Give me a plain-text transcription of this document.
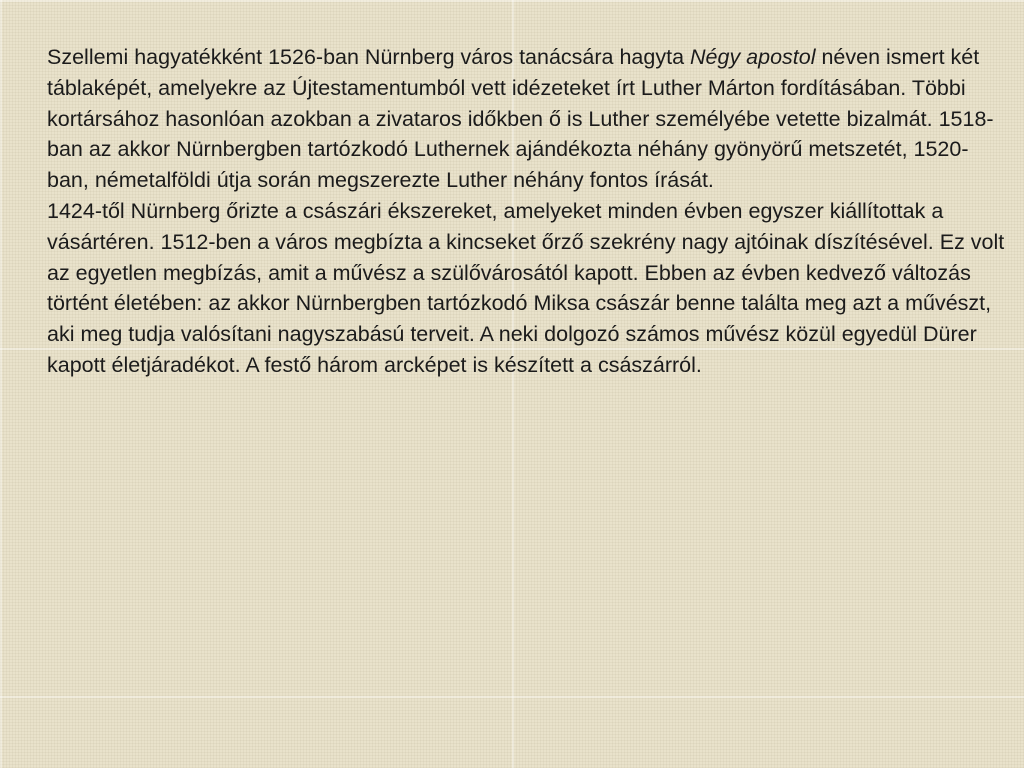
Szellemi hagyatékként 1526-ban Nürnberg város tanácsára hagyta Négy apostol néven ismert két táblaképét, amelyekre az Újtestamentumból vett idézeteket írt Luther Márton fordításában. Többi kortársához hasonlóan azokban a zivataros időkben ő is Luther személyébe vetette bizalmát. 1518-ban az akkor Nürnbergben tartózkodó Luthernek ajándékozta néhány gyönyörű metszetét, 1520-ban, németalföldi útja során megszerezte Luther néhány fontos írását.

1424-től Nürnberg őrizte a császári ékszereket, amelyeket minden évben egyszer kiállítottak a vásártéren. 1512-ben a város megbízta a kincseket őrző szekrény nagy ajtóinak díszítésével. Ez volt az egyetlen megbízás, amit a művész a szülővárosától kapott. Ebben az évben kedvező változás történt életében: az akkor Nürnbergben tartózkodó Miksa császár benne találta meg azt a művészt, aki meg tudja valósítani nagyszabású terveit. A neki dolgozó számos művész közül egyedül Dürer kapott életjáradékot. A festő három arcképet is készített a császárról.
